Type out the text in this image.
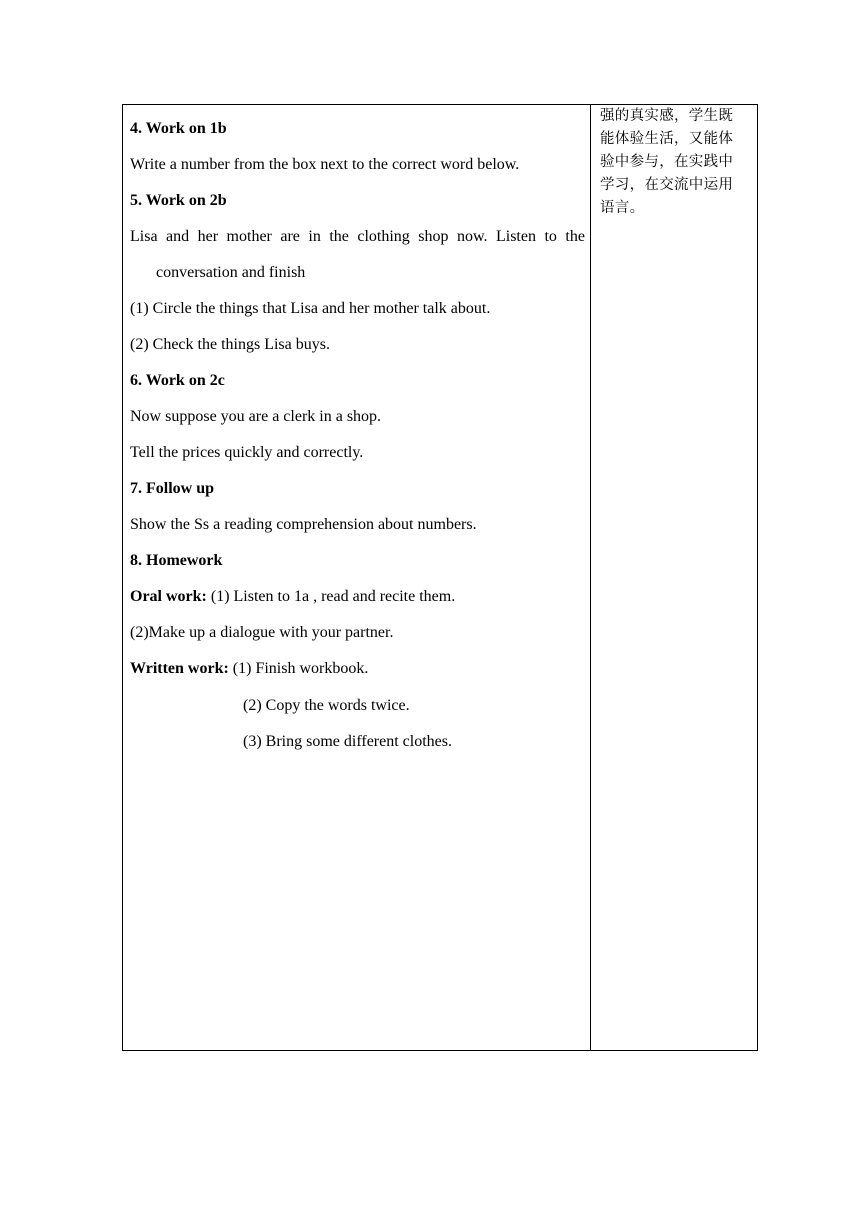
4. Work on 1b
Write a number from the box next to the correct word below.
5. Work on 2b
Lisa and her mother are in the clothing shop now. Listen to the
conversation and finish
(1) Circle the things that Lisa and her mother talk about.
(2) Check the things Lisa buys.
6. Work on 2c
Now suppose you are a clerk in a shop.
Tell the prices quickly and correctly.
7. Follow up
Show the Ss a reading comprehension about numbers.
8. Homework
Oral work: (1) Listen to 1a , read and recite them.
(2)Make up a dialogue with your partner.
Written work: (1) Finish workbook.
(2) Copy the words twice.
(3) Bring some different clothes.
强的真实感，学生既
能体验生活，又能体
验中参与，在实践中
学习，在交流中运用
语言。
